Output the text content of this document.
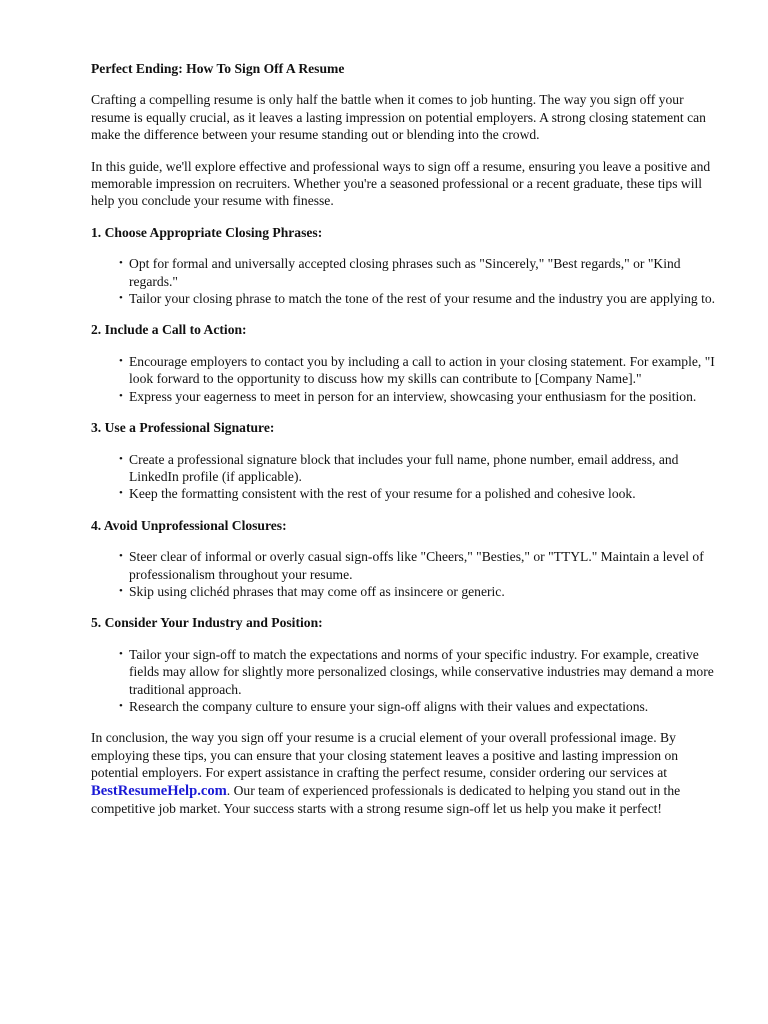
Perfect Ending: How To Sign Off A Resume

Crafting a compelling resume is only half the battle when it comes to job hunting. The way you sign off your resume is equally crucial, as it leaves a lasting impression on potential employers. A strong closing statement can make the difference between your resume standing out or blending into the crowd.

In this guide, we'll explore effective and professional ways to sign off a resume, ensuring you leave a positive and memorable impression on recruiters. Whether you're a seasoned professional or a recent graduate, these tips will help you conclude your resume with finesse.

1. Choose Appropriate Closing Phrases:
• Opt for formal and universally accepted closing phrases such as "Sincerely," "Best regards," or "Kind regards."
• Tailor your closing phrase to match the tone of the rest of your resume and the industry you are applying to.
2. Include a Call to Action:
• Encourage employers to contact you by including a call to action in your closing statement. For example, "I look forward to the opportunity to discuss how my skills can contribute to [Company Name]."
• Express your eagerness to meet in person for an interview, showcasing your enthusiasm for the position.
3. Use a Professional Signature:
• Create a professional signature block that includes your full name, phone number, email address, and LinkedIn profile (if applicable).
• Keep the formatting consistent with the rest of your resume for a polished and cohesive look.
4. Avoid Unprofessional Closures:
• Steer clear of informal or overly casual sign-offs like "Cheers," "Besties," or "TTYL." Maintain a level of professionalism throughout your resume.
• Skip using clichéd phrases that may come off as insincere or generic.
5. Consider Your Industry and Position:
• Tailor your sign-off to match the expectations and norms of your specific industry. For example, creative fields may allow for slightly more personalized closings, while conservative industries may demand a more traditional approach.
• Research the company culture to ensure your sign-off aligns with their values and expectations.

In conclusion, the way you sign off your resume is a crucial element of your overall professional image. By employing these tips, you can ensure that your closing statement leaves a positive and lasting impression on potential employers. For expert assistance in crafting the perfect resume, consider ordering our services at BestResumeHelp.com. Our team of experienced professionals is dedicated to helping you stand out in the competitive job market. Your success starts with a strong resume sign-off let us help you make it perfect!
